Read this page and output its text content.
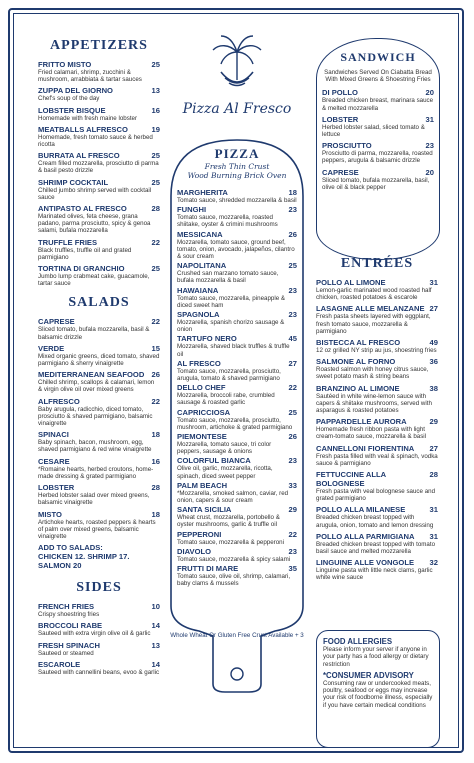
APPETIZERS
FRITTO MISTO	25
Fried calamari, shrimp, zucchini & mushroom, arrabbiata & tartar sauces
ZUPPA DEL GIORNO	13
Chef's soup of the day
LOBSTER BISQUE	16
Homemade with fresh maine lobster
MEATBALLS ALFRESCO	19
Homemade, fresh tomato sauce & herbed ricotta
BURRATA AL FRESCO	25
Cream filled mozzarella, prosciutto di parma & basil pesto drizzle
SHRIMP COCKTAIL	25
Chilled jumbo shrimp served with cocktail sauce
ANTIPASTO AL FRESCO	28
Marinated olives, feta cheese, grana padano, parma prosciutto, spicy & genoa salami, bufala mozzarella
TRUFFLE FRIES	22
Black truffles, truffle oil and grated parmigiano
TORTINA DI GRANCHIO	25
Jumbo lump crabmeat cake, guacamole, tartar sauce
SALADS
CAPRESE	22
Sliced tomato, bufala mozzarella, basil & balsamic drizzle
VERDE	15
Mixed organic greens, diced tomato, shaved parmigiano & sherry vinaigrette
MEDITERRANEAN SEAFOOD 26
Chilled shrimp, scallops & calamari, lemon & virgin olive oil over mixed greens
ALFRESCO	22
Baby arugula, radicchio, diced tomato, prosciutto & shaved parmigiano, balsamic vinaigrette
SPINACI	18
Baby spinach, bacon, mushroom, egg, shaved parmigiano & red wine vinaigrette
CESARE	16
*Romaine hearts, herbed croutons, home-made dressing & grated parmigiano
LOBSTER	28
Herbed lobster salad over mixed greens, balsamic vinaigrette
MISTO	18
Artichoke hearts, roasted peppers & hearts of palm over mixed greens, balsamic vinaigrette
ADD TO SALADS:
CHICKEN 12. SHRIMP 17. SALMON 20
SIDES
FRENCH FRIES	10
Crispy shoestring fries
BROCCOLI RABE	14
Sauteed with extra virgin olive oil & garlic
FRESH SPINACH	13
Sauteed or steamed
ESCAROLE	14
Sauteed with cannellini beans, evoo & garlic
Pizza Al Fresco
PIZZA
Fresh Thin Crust
Wood Burning Brick Oven
MARGHERITA	18
Tomato sauce, shredded mozzarella & basil
FUNGHI	23
Tomato sauce, mozzarella, roasted shiitake, oyster & crimini mushrooms
MESSICANA	26
Mozzarella, tomato sauce, ground beef, tomato, onion, avocado, jalapeños, cilantro & sour cream
NAPOLITANA	25
Crushed san marzano tomato sauce, bufala mozzarella & basil
HAWAIANA	23
Tomato sauce, mozzarella, pineapple & diced sweet ham
SPAGNOLA	23
Mozzarella, spanish chorizo sausage & onion
TARTUFO NERO	45
Mozzarella, shaved black truffles & truffle oil
AL FRESCO	27
Tomato sauce, mozzarella, prosciutto, arugula, tomato & shaved parmigiano
DELLO CHEF	22
Mozzarella, broccoli rabe, crumbled sausage & roasted garlic
CAPRICCIOSA	25
Tomato sauce, mozzarella, prosciutto, mushroom, artichoke & grated parmigiano
PIEMONTESE	26
Mozzarella, tomato sauce, tri color peppers, sausage & onions
COLORFUL BIANCA	23
Olive oil, garlic, mozzarella, ricotta, spinach, diced sweet pepper
PALM BEACH	33
*Mozzarella, smoked salmon, caviar, red onion, capers & sour cream
SANTA SICILIA	29
Wheat crust, mozzarella, portobello & oyster mushrooms, garlic & truffle oil
PEPPERONI	22
Tomato sauce, mozzarella & pepperoni
DIAVOLO	23
Tomato sauce, mozzarella & spicy salami
FRUTTI DI MARE	35
Tomato sauce, olive oil, shrimp, calamari, baby clams & mussels
Whole Wheat Or Gluten Free Crust Available + 3
SANDWICH
Sandwiches Served On Ciabatta Bread With Mixed Greens & Shoestring Fries
DI POLLO	20
Breaded chicken breast, marinara sauce & melted mozzarella
LOBSTER	31
Herbed lobster salad, sliced tomato & lettuce
PROSCIUTTO	23
Prosciutto di parma, mozzarella, roasted peppers, arugula & balsamic drizzle
CAPRESE	20
Sliced tomato, bufala mozzarella, basil, olive oil & black pepper
ENTRÉES
POLLO AL LIMONE	31
Lemon-garlic marinated wood roasted half chicken, roasted potatoes & escarole
LASAGNE ALLE MELANZANE 27
Fresh pasta sheets layered with eggplant, fresh tomato sauce, mozzarella & parmigiano
BISTECCA AL FRESCO	49
12 oz grilled NY strip au jus, shoestring fries
SALMONE AL FORNO	36
Roasted salmon with honey citrus sauce, sweet potato mash & string beans
BRANZINO AL LIMONE	38
Sautéed in white wine-lemon sauce with capers & shiitake mushrooms, served with asparagus & roasted potatoes
PAPPARDELLE AURORA	29
Homemade fresh ribbon pasta with light cream-tomato sauce, mozzarella & basil
CANNELLONI FIORENTINA 27
Fresh pasta filled with veal & spinach, vodka sauce & parmigiano
FETTUCCINE ALLA BOLOGNESE
28
Fresh pasta with veal bolognese sauce and grated parmigiano
POLLO ALLA MILANESE	31
Breaded chicken breast topped with arugula, onion, tomato and lemon dressing
POLLO ALLA PARMIGIANA 31
Breaded chicken breast topped with tomato basil sauce and melted mozzarella
LINGUINE ALLE VONGOLE 32
Linguine pasta with little neck clams, garlic white wine sauce
FOOD ALLERGIES

Please inform your server if anyone in your party has a food allergy or dietary restriction

*CONSUMER ADVISORY

Consuming raw or undercooked meats, poultry, seafood or eggs may increase your risk of foodborne illness, especially if you have certain medical conditions
